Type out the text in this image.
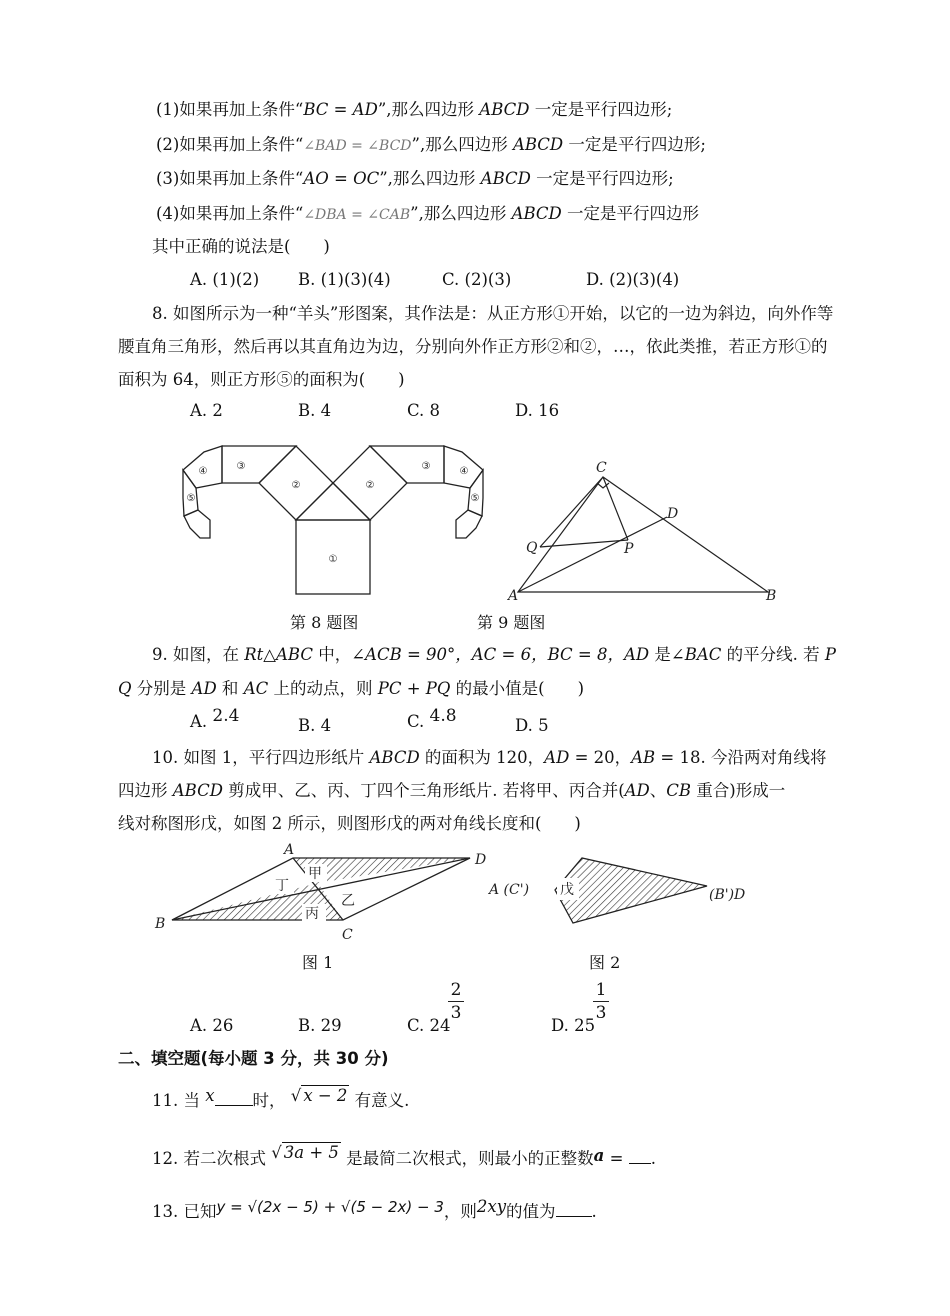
(1)如果再加上条件“BC = AD”,那么四边形 ABCD 一定是平行四边形;
(2)如果再加上条件“∠BAD = ∠BCD”,那么四边形 ABCD 一定是平行四边形;
(3)如果再加上条件“AO = OC”,那么四边形 ABCD 一定是平行四边形;
(4)如果再加上条件“∠DBA = ∠CAB”,那么四边形 ABCD 一定是平行四边形
其中正确的说法是(　　)
A. (1)(2) B. (1)(3)(4)	C. (2)(3)	D. (2)(3)(4)
8. 如图所示为一种“羊头”形图案，其作法是：从正方形①开始，以它的一边为斜边，向外作等腰直角三角形，然后再以其直角边为边，分别向外作正方形②和②，…，依此类推，若正方形①的面积为 64，则正方形⑤的面积为(　　)
A. 2	B. 4	C. 8	D. 16
①
②	②
③	③
④	④
⑤	⑤
C
D
Q	P
A	B
第 8 题图	第 9 题图
9. 如图，在 Rt△ABC 中，∠ACB = 90°，AC = 6，BC = 8，AD 是∠BAC 的平分线. 若 P
Q 分别是 AD 和 AC 上的动点，则 PC + PQ 的最小值是(　　)
A. 2.4	B. 4	C. 4.8	D. 5
10. 如图 1，平行四边形纸片 ABCD 的面积为 120，AD = 20，AB = 18. 今沿两对角线将
四边形 ABCD 剪成甲、乙、丙、丁四个三角形纸片. 若将甲、丙合并(AD、CB 重合)形成一
线对称图形戊，如图 2 所示，则图形戊的两对角线长度和(　　)
A
D
B
C
甲
乙
丙
丁	A (C')	(B')D
戊
图 1	图 2
A. 26	B. 29	C. 24
2
3
D. 25
1
3
二、填空题(每小题 3 分，共 30 分)
11. 当 x 时， √ x − 2 有意义.
12. 若二次根式 √ 3a + 5 是最简二次根式，则最小的正整数a = .
13. 已知y = √(2x − 5) + √(5 − 2x) − 3，则2xy的值为 .
